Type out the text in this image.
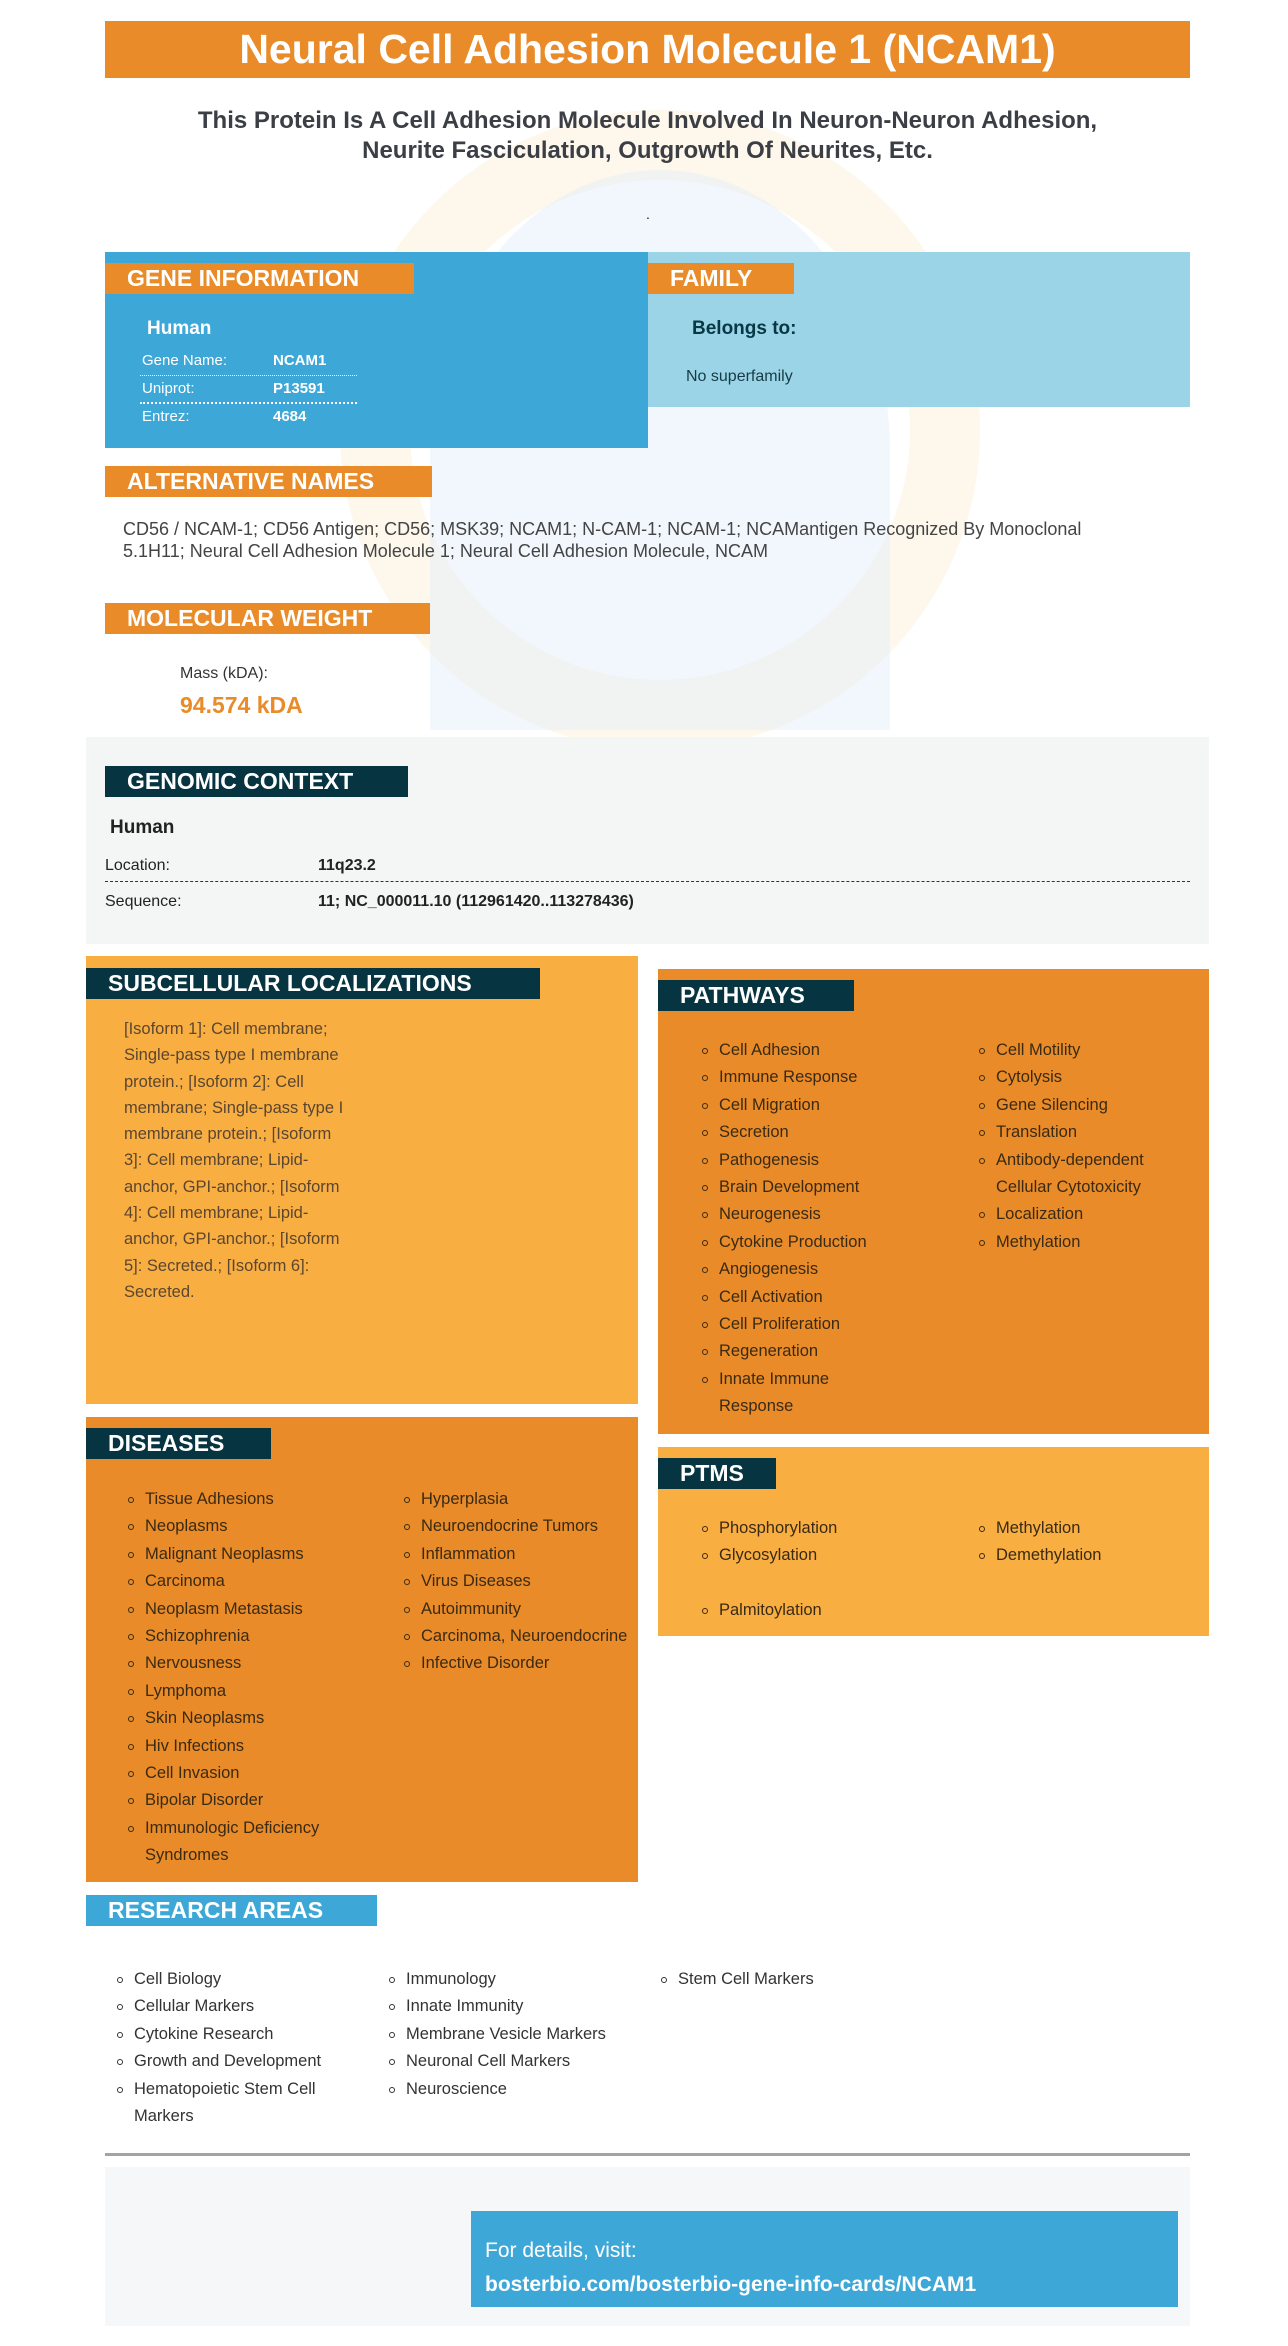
Neural Cell Adhesion Molecule 1 (NCAM1)
This Protein Is A Cell Adhesion Molecule Involved In Neuron-Neuron Adhesion,
Neurite Fasciculation, Outgrowth Of Neurites, Etc.
.
GENE INFORMATION
Human
Gene Name:	NCAM1
Uniprot:	P13591
Entrez:	4684
FAMILY
Belongs to:
No superfamily
ALTERNATIVE NAMES
CD56 / NCAM-1; CD56 Antigen; CD56; MSK39; NCAM1; N-CAM-1; NCAM-1; NCAMantigen Recognized By Monoclonal 5.1H11; Neural Cell Adhesion Molecule 1; Neural Cell Adhesion Molecule, NCAM
MOLECULAR WEIGHT
Mass (kDA):
94.574 kDA
GENOMIC CONTEXT
Human
Location:	11q23.2
Sequence:	11; NC_000011.10 (112961420..113278436)
SUBCELLULAR LOCALIZATIONS
[Isoform 1]: Cell membrane; Single-pass type I membrane protein.; [Isoform 2]: Cell membrane; Single-pass type I membrane protein.; [Isoform 3]: Cell membrane; Lipid-anchor, GPI-anchor.; [Isoform 4]: Cell membrane; Lipid-anchor, GPI-anchor.; [Isoform 5]: Secreted.; [Isoform 6]: Secreted.
PATHWAYS
Cell Adhesion
Immune Response
Cell Migration
Secretion
Pathogenesis
Brain Development
Neurogenesis
Cytokine Production
Angiogenesis
Cell Activation
Cell Proliferation
Regeneration
Innate Immune Response
Cell Motility
Cytolysis
Gene Silencing
Translation
Antibody-dependent Cellular Cytotoxicity
Localization
Methylation
DISEASES
Tissue Adhesions
Neoplasms
Malignant Neoplasms
Carcinoma
Neoplasm Metastasis
Schizophrenia
Nervousness
Lymphoma
Skin Neoplasms
Hiv Infections
Cell Invasion
Bipolar Disorder
Immunologic Deficiency Syndromes
Hyperplasia
Neuroendocrine Tumors
Inflammation
Virus Diseases
Autoimmunity
Carcinoma, Neuroendocrine
Infective Disorder
PTMS
Phosphorylation
Glycosylation
Methylation
Demethylation
Palmitoylation
RESEARCH AREAS
Cell Biology
Cellular Markers
Cytokine Research
Growth and Development
Hematopoietic Stem Cell Markers
Immunology
Innate Immunity
Membrane Vesicle Markers
Neuronal Cell Markers
Neuroscience
Stem Cell Markers
For details, visit:
bosterbio.com/bosterbio-gene-info-cards/NCAM1
